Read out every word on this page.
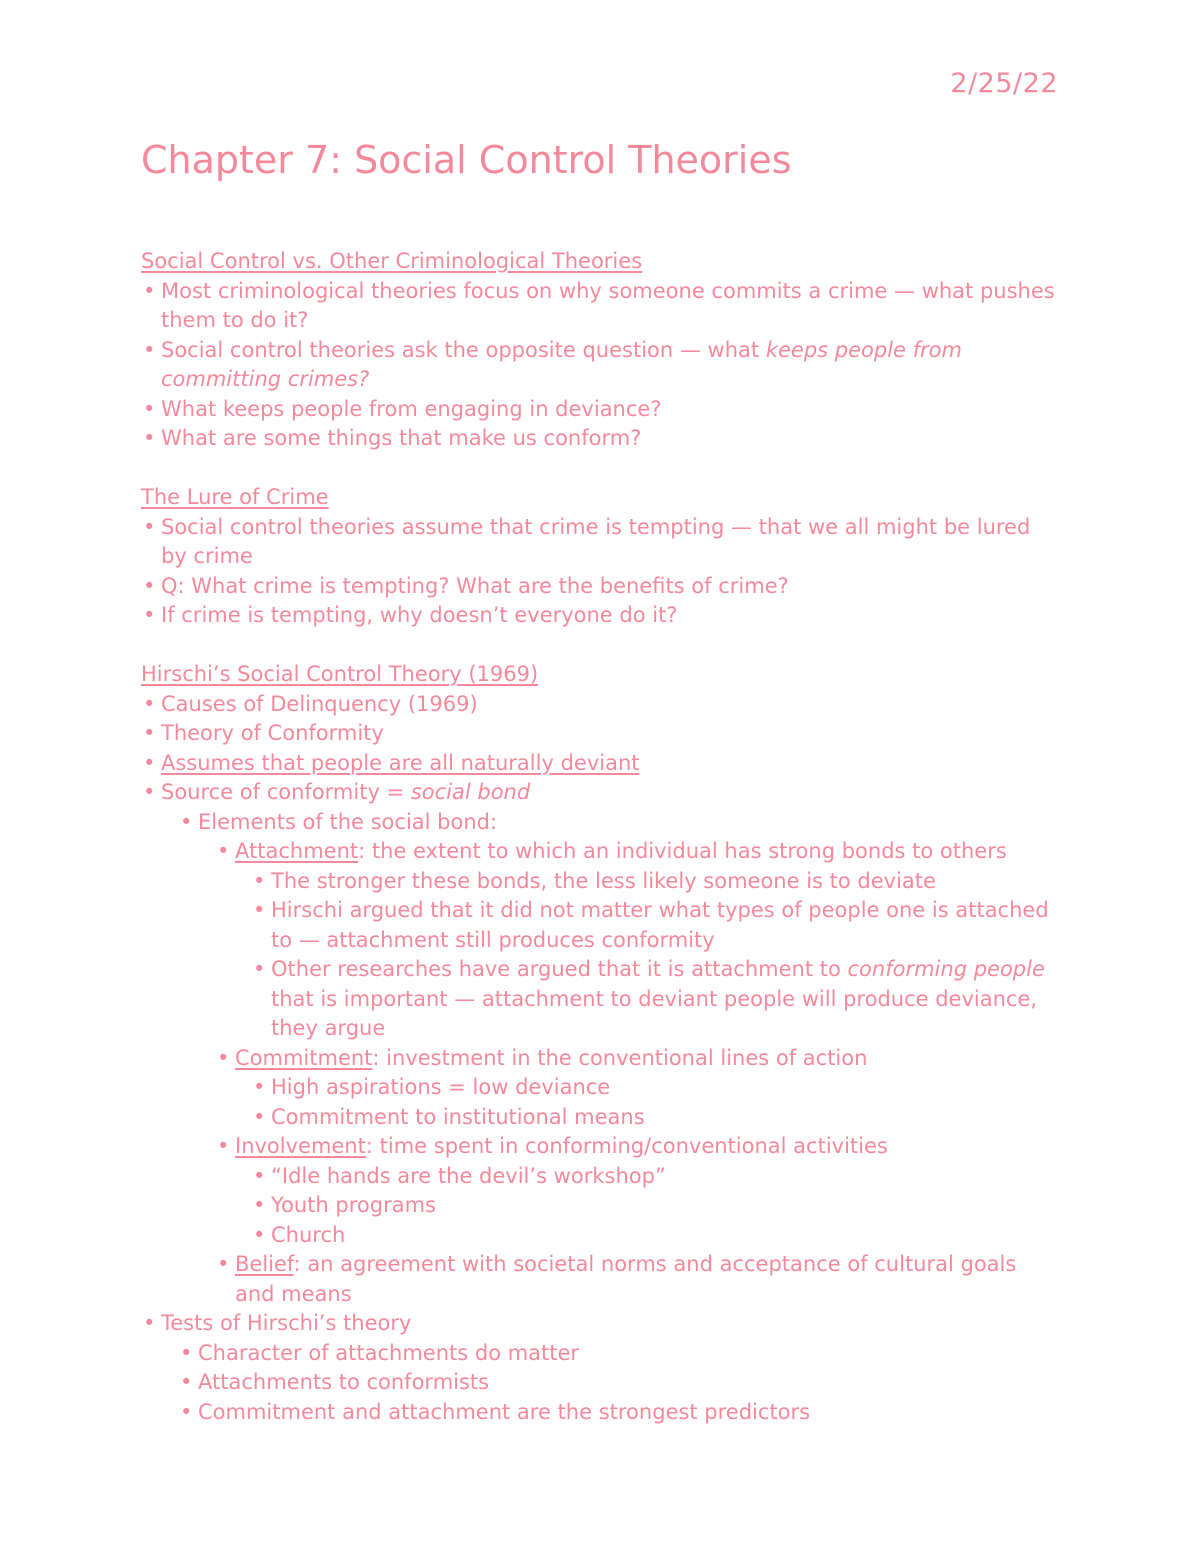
2/25/22
Chapter 7: Social Control Theories
Social Control vs. Other Criminological Theories
• Most criminological theories focus on why someone commits a crime — what pushes them to do it?
• Social control theories ask the opposite question — what keeps people from committing crimes?
• What keeps people from engaging in deviance?
• What are some things that make us conform?
The Lure of Crime
• Social control theories assume that crime is tempting — that we all might be lured by crime
• Q: What crime is tempting? What are the benefits of crime?
• If crime is tempting, why doesn’t everyone do it?
Hirschi’s Social Control Theory (1969)
• Causes of Delinquency (1969)
• Theory of Conformity
• Assumes that people are all naturally deviant
• Source of conformity = social bond
• Elements of the social bond:
• Attachment: the extent to which an individual has strong bonds to others
• The stronger these bonds, the less likely someone is to deviate
• Hirschi argued that it did not matter what types of people one is attached to — attachment still produces conformity
• Other researches have argued that it is attachment to conforming people that is important — attachment to deviant people will produce deviance, they argue
• Commitment: investment in the conventional lines of action
• High aspirations = low deviance
• Commitment to institutional means
• Involvement: time spent in conforming/conventional activities
• “Idle hands are the devil’s workshop”
• Youth programs
• Church
• Belief: an agreement with societal norms and acceptance of cultural goals and means
• Tests of Hirschi’s theory
• Character of attachments do matter
• Attachments to conformists
• Commitment and attachment are the strongest predictors
